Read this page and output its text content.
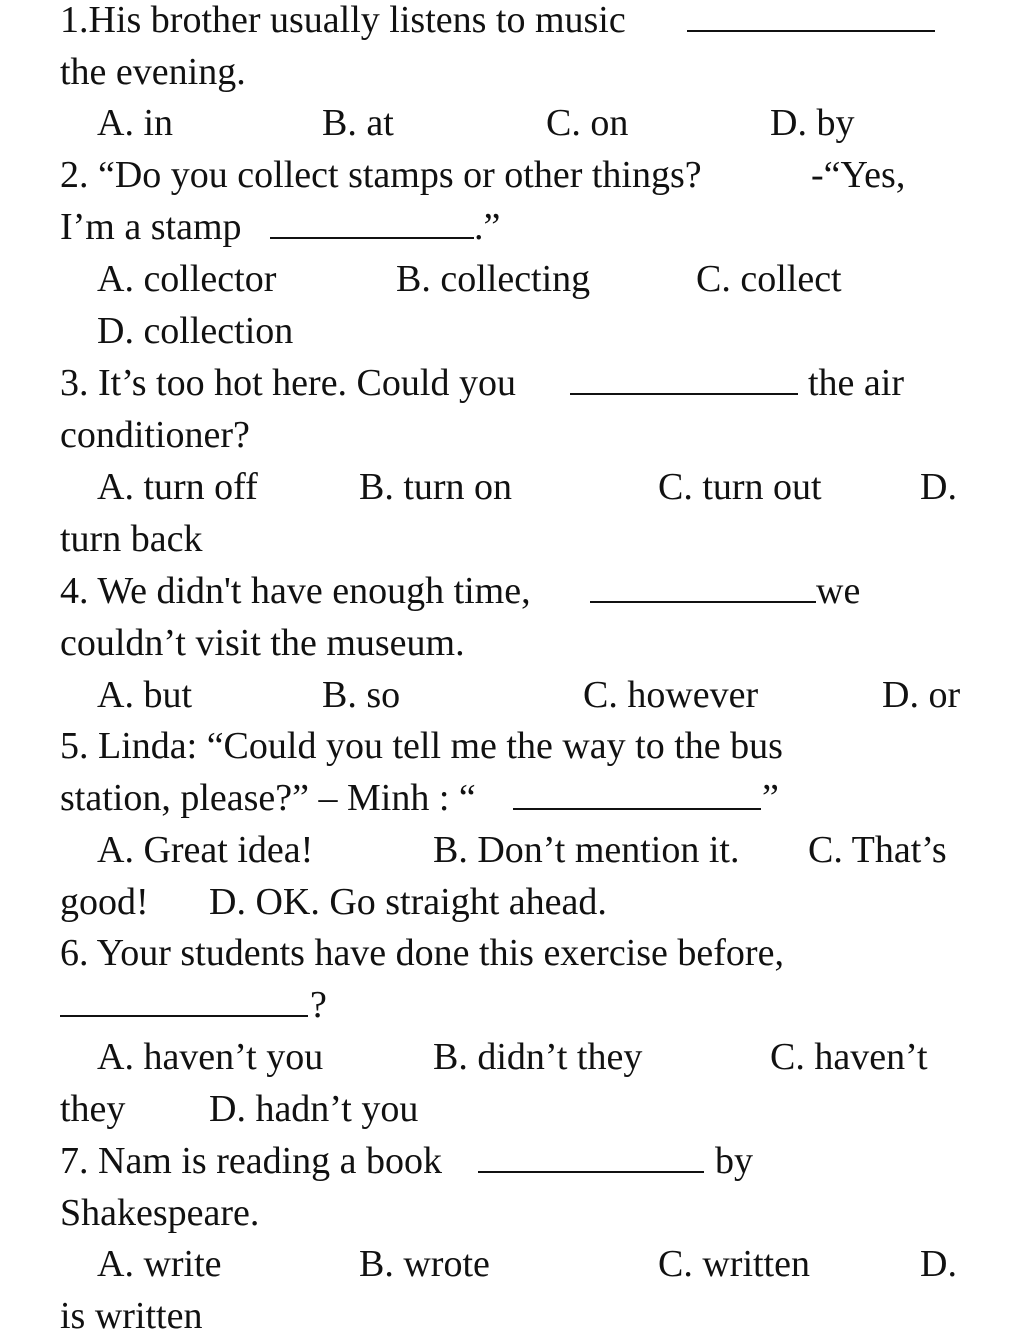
1.His brother usually listens to music
the evening.
A. in	B. at	C. on	D. by
2. “Do you collect stamps or other things?	-“Yes,
I’m a stamp	.”
A. collector	B. collecting	C. collect
D. collection
3. It’s too hot here. Could you	the air
conditioner?
A. turn off	B. turn on	C. turn out	D.
turn back
4. We didn't have enough time,	we
couldn’t visit the museum.
A. but	B. so	C. however	D. or
5. Linda: “Could you tell me the way to the bus
station, please?” – Minh : “	”
A. Great idea!	B. Don’t mention it. C. That’s
good! D. OK. Go straight ahead.
6. Your students have done this exercise before,
?
A. haven’t you	B. didn’t they	C. haven’t
they D. hadn’t you
7. Nam is reading a book	by
Shakespeare.
A. write	B. wrote	C. written	D.
is written
